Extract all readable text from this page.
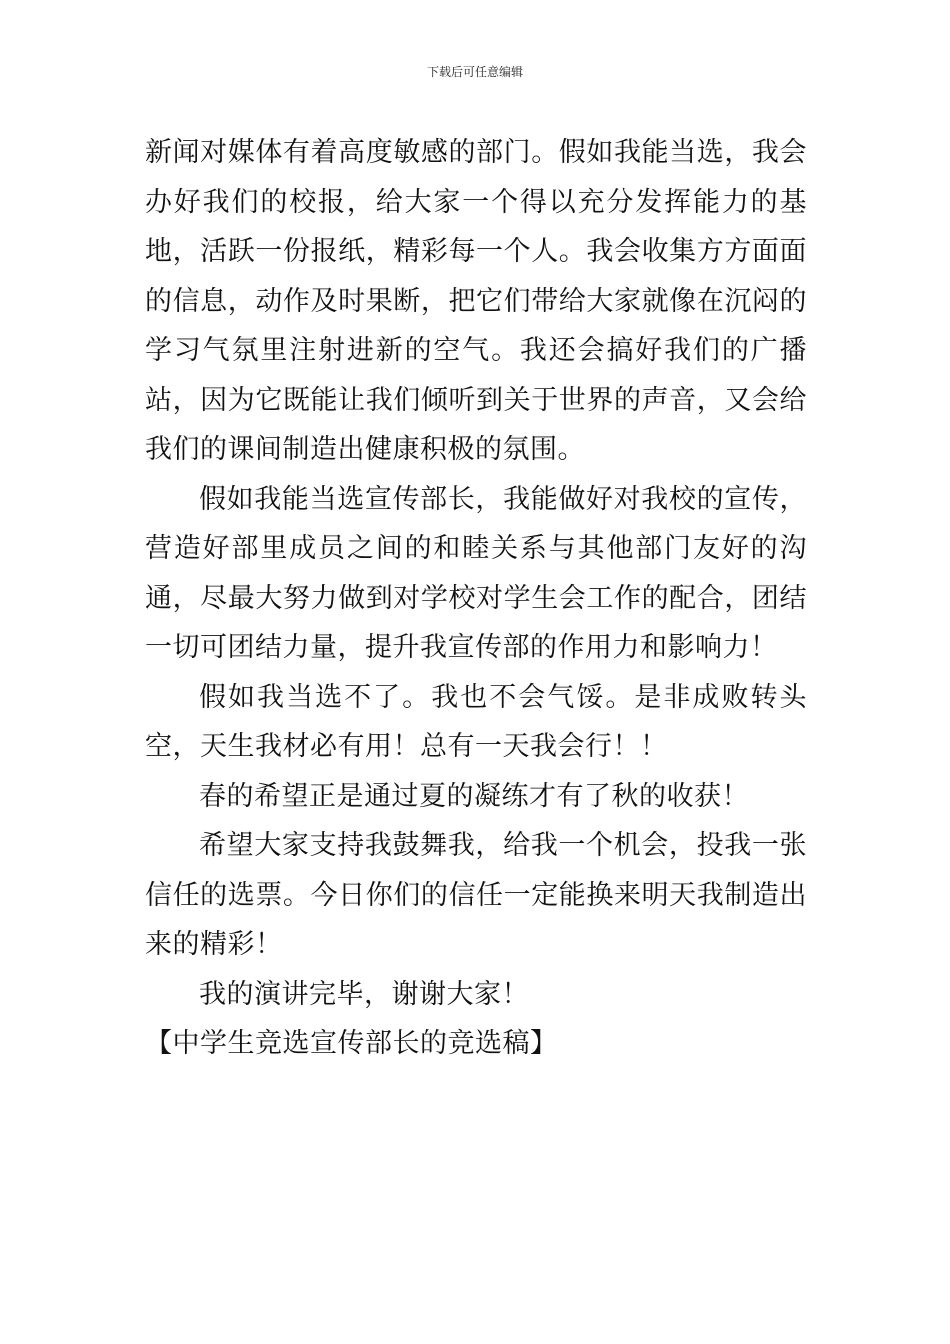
下载后可任意编辑

新闻对媒体有着高度敏感的部门。假如我能当选，我会办好我们的校报，给大家一个得以充分发挥能力的基地，活跃一份报纸，精彩每一个人。我会收集方方面面的信息，动作及时果断，把它们带给大家就像在沉闷的学习气氛里注射进新的空气。我还会搞好我们的广播站，因为它既能让我们倾听到关于世界的声音，又会给我们的课间制造出健康积极的氛围。

假如我能当选宣传部长，我能做好对我校的宣传，营造好部里成员之间的和睦关系与其他部门友好的沟通，尽最大努力做到对学校对学生会工作的配合，团结一切可团结力量，提升我宣传部的作用力和影响力！

假如我当选不了。我也不会气馁。是非成败转头空，天生我材必有用！总有一天我会行！！

春的希望正是通过夏的凝练才有了秋的收获！

希望大家支持我鼓舞我，给我一个机会，投我一张信任的选票。今日你们的信任一定能换来明天我制造出来的精彩！

我的演讲完毕，谢谢大家！

【中学生竞选宣传部长的竞选稿】
